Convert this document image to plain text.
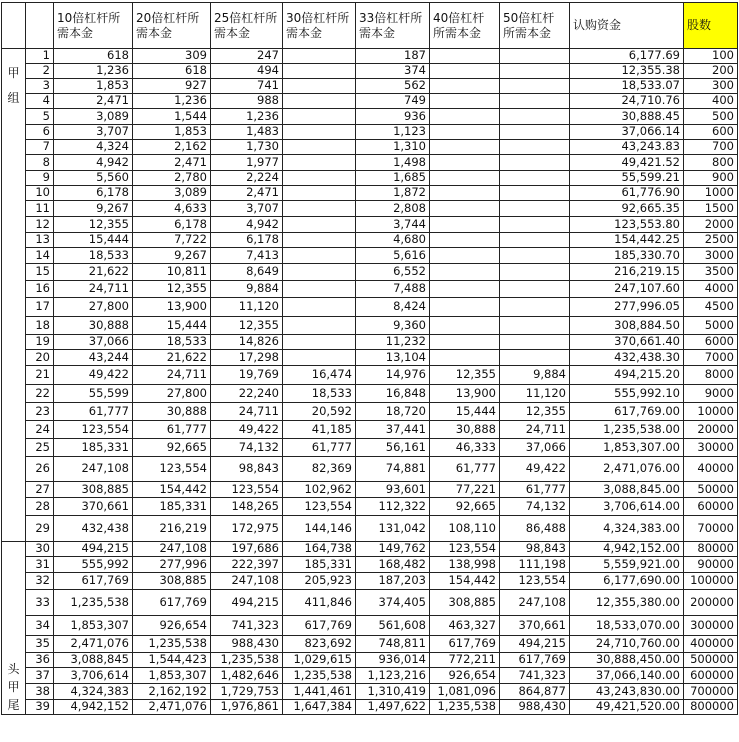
		10倍杠杆所需本金	20倍杠杆所需本金	25倍杠杆所需本金	30倍杠杆所需本金	33倍杠杆所需本金	40倍杠杆所需本金	50倍杠杆所需本金	认购资金	股数

甲
组	1	618	309	247		187			6,177.69	100
	2	1,236	618	494		374			12,355.38	200
	3	1,853	927	741		562			18,533.07	300
	4	2,471	1,236	988		749			24,710.76	400
	5	3,089	1,544	1,236		936			30,888.45	500
	6	3,707	1,853	1,483		1,123			37,066.14	600
	7	4,324	2,162	1,730		1,310			43,243.83	700
	8	4,942	2,471	1,977		1,498			49,421.52	800
	9	5,560	2,780	2,224		1,685			55,599.21	900
	10	6,178	3,089	2,471		1,872			61,776.90	1000
	11	9,267	4,633	3,707		2,808			92,665.35	1500
	12	12,355	6,178	4,942		3,744			123,553.80	2000
	13	15,444	7,722	6,178		4,680			154,442.25	2500
	14	18,533	9,267	7,413		5,616			185,330.70	3000
	15	21,622	10,811	8,649		6,552			216,219.15	3500
	16	24,711	12,355	9,884		7,488			247,107.60	4000
	17	27,800	13,900	11,120		8,424			277,996.05	4500
	18	30,888	15,444	12,355		9,360			308,884.50	5000
	19	37,066	18,533	14,826		11,232			370,661.40	6000
	20	43,244	21,622	17,298		13,104			432,438.30	7000
	21	49,422	24,711	19,769	16,474	14,976	12,355	9,884	494,215.20	8000
	22	55,599	27,800	22,240	18,533	16,848	13,900	11,120	555,992.10	9000
	23	61,777	30,888	24,711	20,592	18,720	15,444	12,355	617,769.00	10000
	24	123,554	61,777	49,422	41,185	37,441	30,888	24,711	1,235,538.00	20000
	25	185,331	92,665	74,132	61,777	56,161	46,333	37,066	1,853,307.00	30000
	26	247,108	123,554	98,843	82,369	74,881	61,777	49,422	2,471,076.00	40000
	27	308,885	154,442	123,554	102,962	93,601	77,221	61,777	3,088,845.00	50000
	28	370,661	185,331	148,265	123,554	112,322	92,665	74,132	3,706,614.00	60000
	29	432,438	216,219	172,975	144,146	131,042	108,110	86,488	4,324,383.00	70000

头
甲
尾	30	494,215	247,108	197,686	164,738	149,762	123,554	98,843	4,942,152.00	80000
	31	555,992	277,996	222,397	185,331	168,482	138,998	111,198	5,559,921.00	90000
	32	617,769	308,885	247,108	205,923	187,203	154,442	123,554	6,177,690.00	100000
	33	1,235,538	617,769	494,215	411,846	374,405	308,885	247,108	12,355,380.00	200000
	34	1,853,307	926,654	741,323	617,769	561,608	463,327	370,661	18,533,070.00	300000
	35	2,471,076	1,235,538	988,430	823,692	748,811	617,769	494,215	24,710,760.00	400000
	36	3,088,845	1,544,423	1,235,538	1,029,615	936,014	772,211	617,769	30,888,450.00	500000
	37	3,706,614	1,853,307	1,482,646	1,235,538	1,123,216	926,654	741,323	37,066,140.00	600000
	38	4,324,383	2,162,192	1,729,753	1,441,461	1,310,419	1,081,096	864,877	43,243,830.00	700000
	39	4,942,152	2,471,076	1,976,861	1,647,384	1,497,622	1,235,538	988,430	49,421,520.00	800000
